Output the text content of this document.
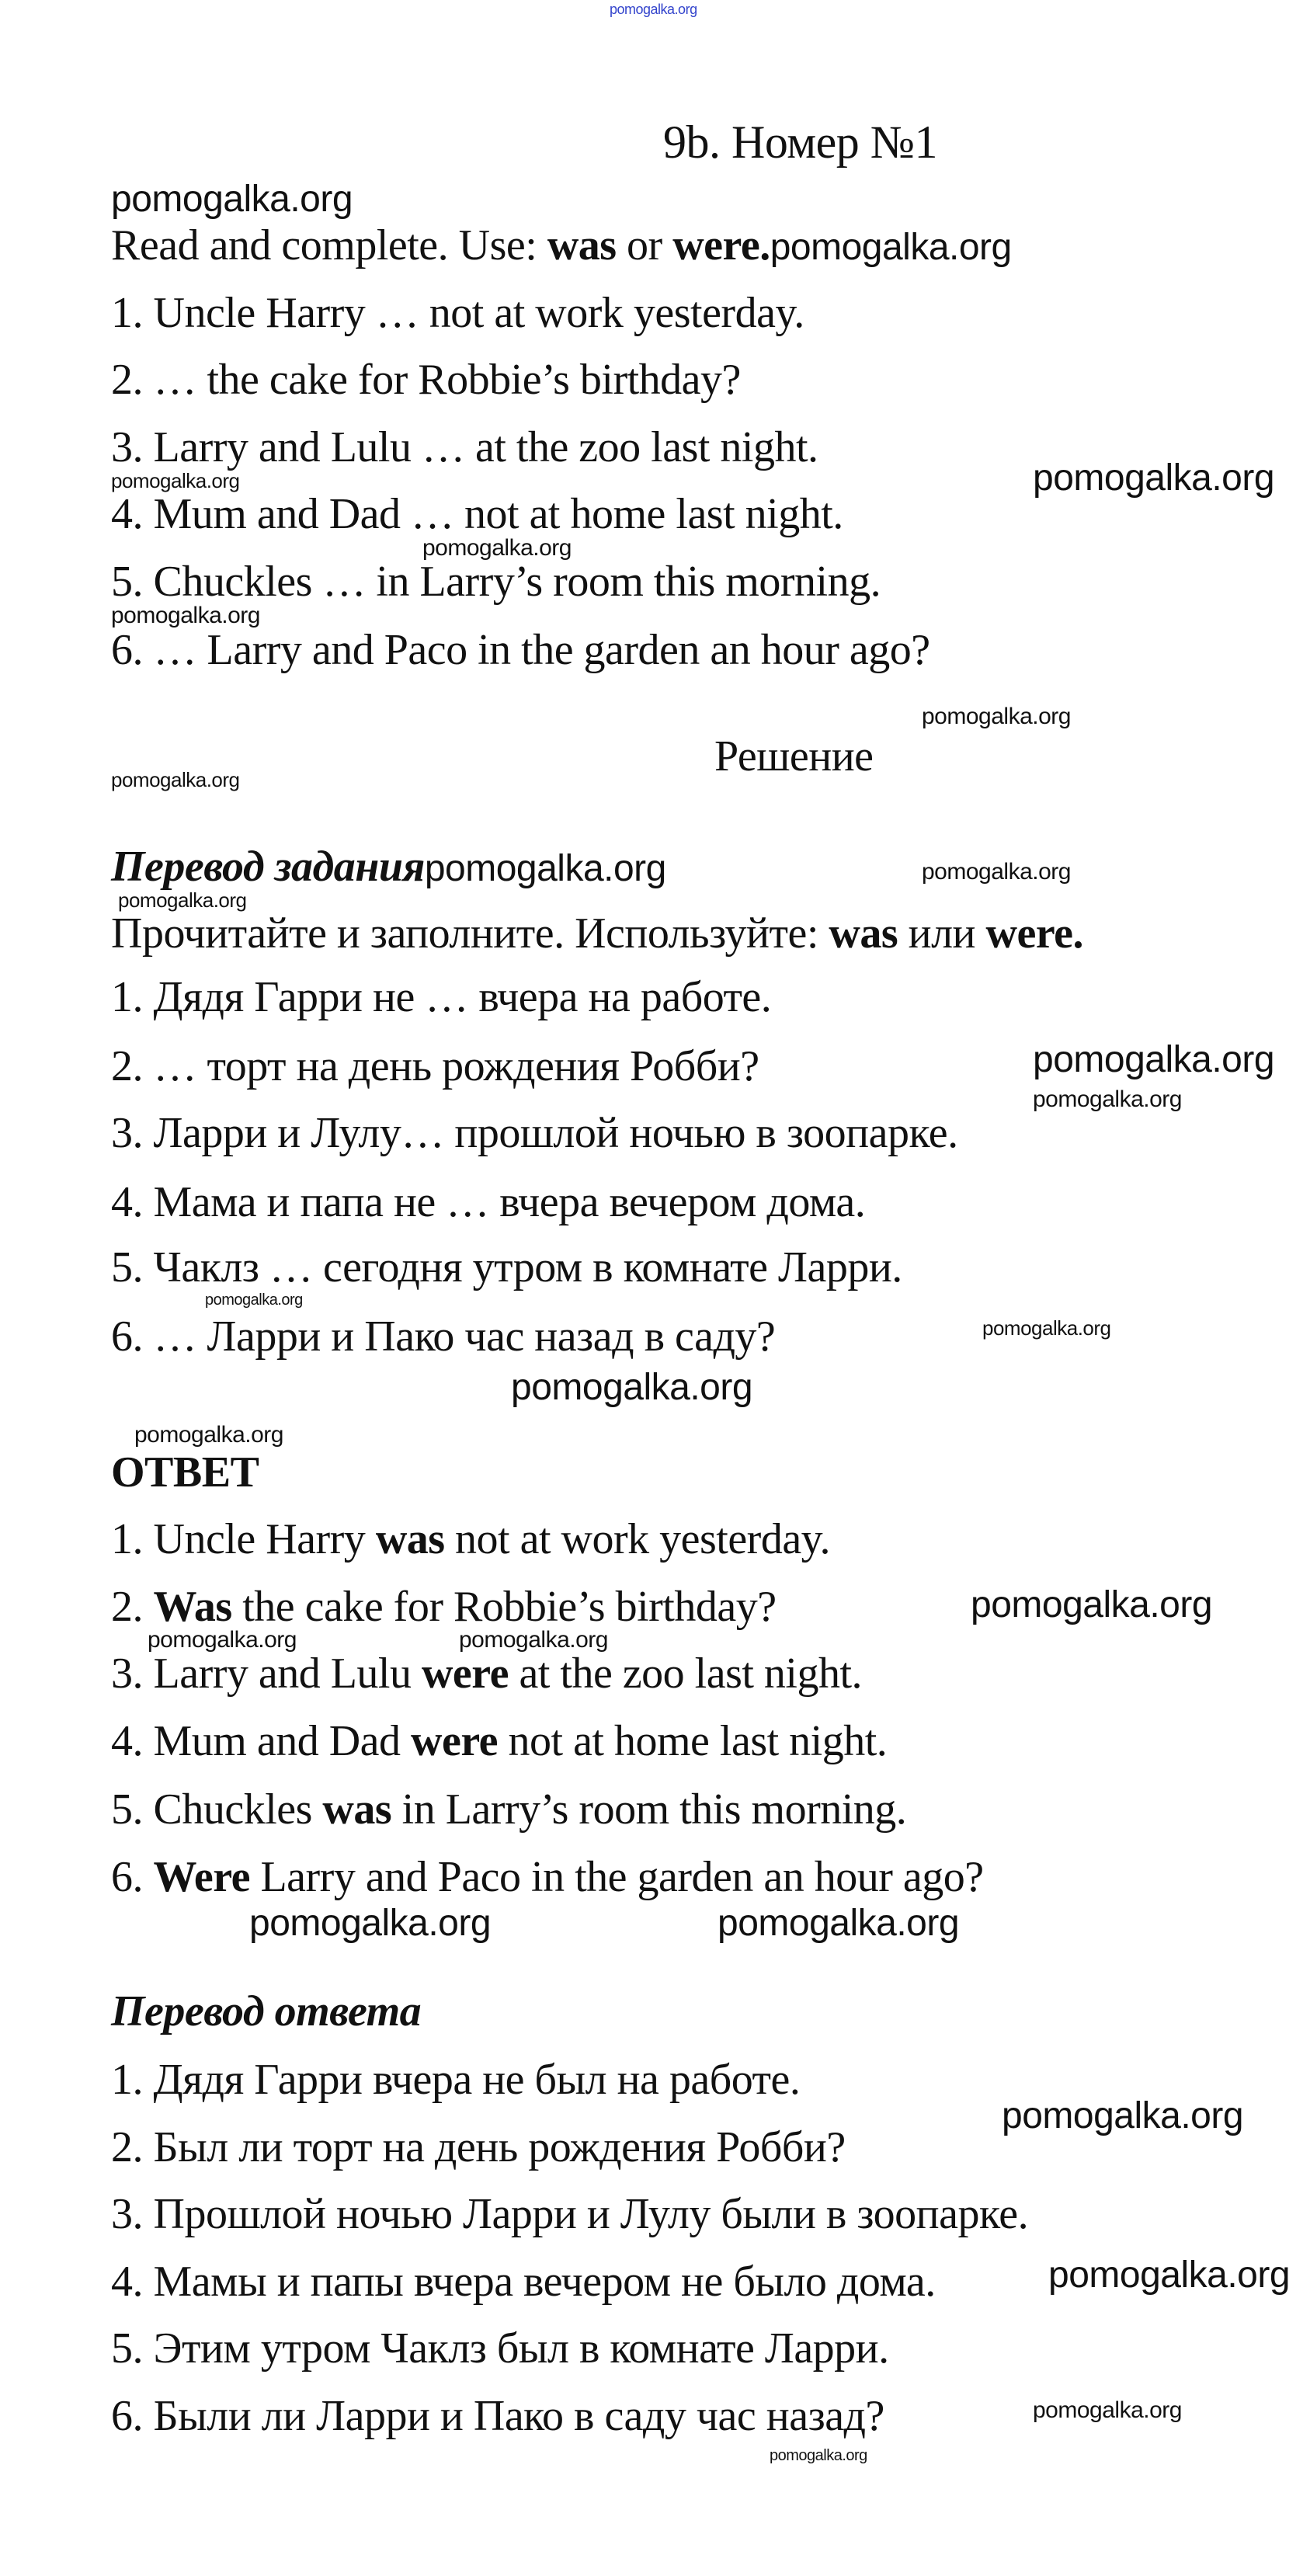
pomogalka.org
pomogalka.org
pomogalka.org	pomogalka.org
pomogalka.org
pomogalka.org
pomogalka.org
pomogalka.org
pomogalka.org
pomogalka.org
pomogalka.org
pomogalka.org
pomogalka.org
pomogalka.org
pomogalka.org
pomogalka.org
pomogalka.org
pomogalka.org	pomogalka.org
pomogalka.org	pomogalka.org
pomogalka.org
pomogalka.org
pomogalka.org
pomogalka.org
9b. Номер №1
Read and complete. Use: was or were.pomogalka.org
1. Uncle Harry … not at work yesterday.
2. … the cake for Robbie’s birthday?
3. Larry and Lulu … at the zoo last night.
4. Mum and Dad … not at home last night.
5. Chuckles … in Larry’s room this morning.
6. … Larry and Paco in the garden an hour ago?
Решение
Перевод заданияpomogalka.org
Прочитайте и заполните. Используйте: was или were.
1. Дядя Гарри не … вчера на работе.
2. … торт на день рождения Робби?
3. Ларри и Лулу… прошлой ночью в зоопарке.
4. Мама и папа не … вчера вечером дома.
5. Чаклз … сегодня утром в комнате Ларри.
6. … Ларри и Пако час назад в саду?
ОТВЕТ
1. Uncle Harry was not at work yesterday.
2. Was the cake for Robbie’s birthday?
3. Larry and Lulu were at the zoo last night.
4. Mum and Dad were not at home last night.
5. Chuckles was in Larry’s room this morning.
6. Were Larry and Paco in the garden an hour ago?
Перевод ответа
1. Дядя Гарри вчера не был на работе.
2. Был ли торт на день рождения Робби?
3. Прошлой ночью Ларри и Лулу были в зоопарке.
4. Мамы и папы вчера вечером не было дома.
5. Этим утром Чаклз был в комнате Ларри.
6. Были ли Ларри и Пако в саду час назад?
